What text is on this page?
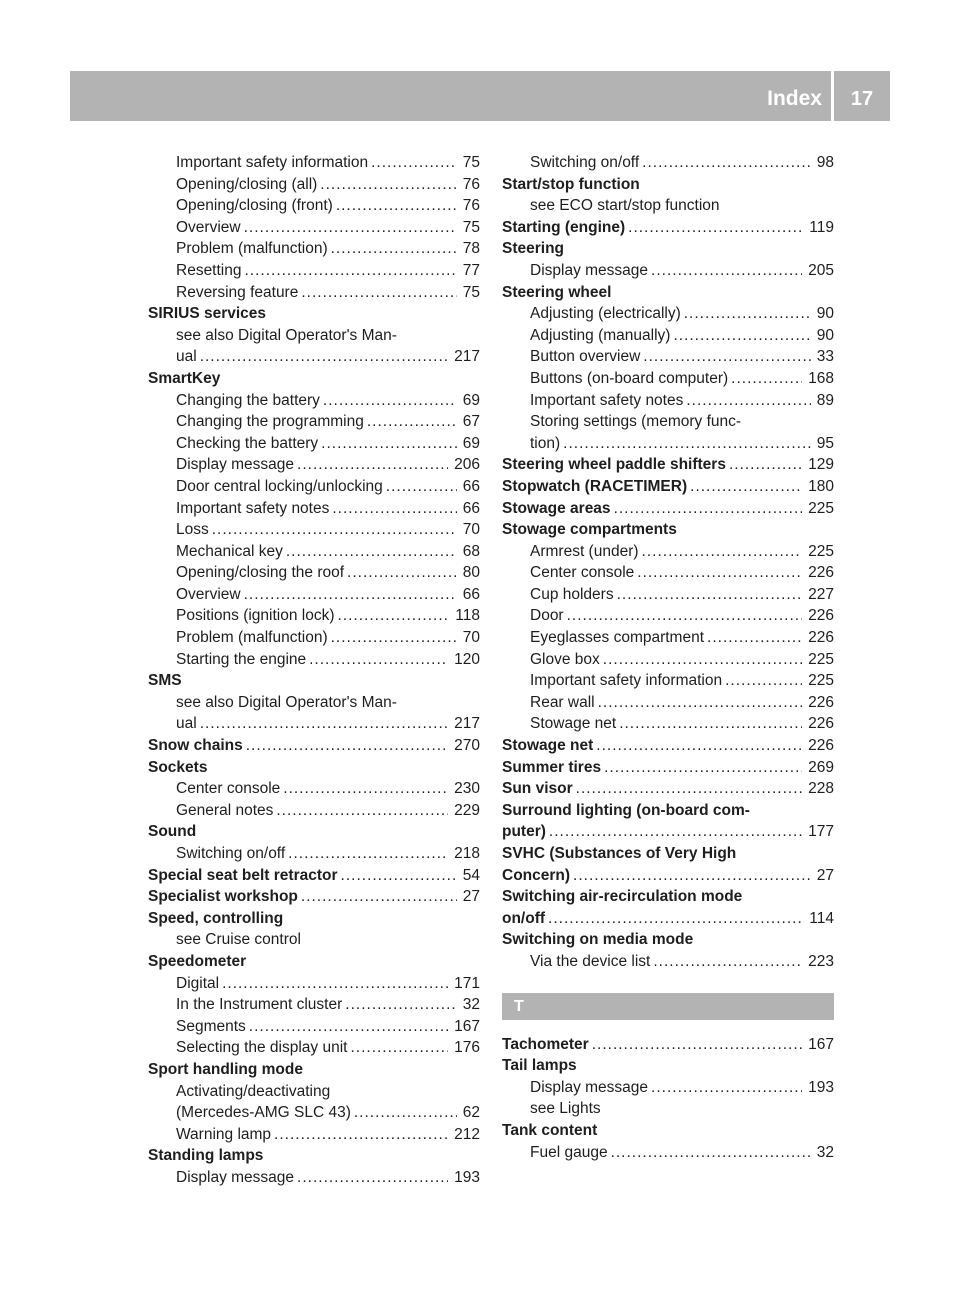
Index	17
Important safety information .....	75
Opening/closing (all) .....	76
Opening/closing (front) .....	76
Overview .....	75
Problem (malfunction) .....	78
Resetting .....	77
Reversing feature .....	75
SIRIUS services
see also Digital Operator's Man-
ual .....	217
SmartKey
Changing the battery .....	69
Changing the programming .....	67
Checking the battery .....	69
Display message .....	206
Door central locking/unlocking .....	66
Important safety notes .....	66
Loss .....	70
Mechanical key .....	68
Opening/closing the roof .....	80
Overview .....	66
Positions (ignition lock) .....	118
Problem (malfunction) .....	70
Starting the engine .....	120
SMS
see also Digital Operator's Man-
ual .....	217
Snow chains .....	270
Sockets
Center console .....	230
General notes .....	229
Sound
Switching on/off .....	218
Special seat belt retractor .....	54
Specialist workshop .....	27
Speed, controlling
see Cruise control
Speedometer
Digital .....	171
In the Instrument cluster .....	32
Segments .....	167
Selecting the display unit .....	176
Sport handling mode
Activating/deactivating
(Mercedes-AMG SLC 43) .....	62
Warning lamp .....	212
Standing lamps
Display message .....	193
Switching on/off .....	98
Start/stop function
see ECO start/stop function
Starting (engine) .....	119
Steering
Display message .....	205
Steering wheel
Adjusting (electrically) .....	90
Adjusting (manually) .....	90
Button overview .....	33
Buttons (on-board computer) .....	168
Important safety notes .....	89
Storing settings (memory func-
tion) .....	95
Steering wheel paddle shifters .....	129
Stopwatch (RACETIMER) .....	180
Stowage areas .....	225
Stowage compartments
Armrest (under) .....	225
Center console .....	226
Cup holders .....	227
Door .....	226
Eyeglasses compartment .....	226
Glove box .....	225
Important safety information .....	225
Rear wall .....	226
Stowage net .....	226
Stowage net .....	226
Summer tires .....	269
Sun visor .....	228
Surround lighting (on-board com-
puter) .....	177
SVHC (Substances of Very High
Concern) .....	27
Switching air-recirculation mode
on/off .....	114
Switching on media mode
Via the device list .....	223
T
Tachometer .....	167
Tail lamps
Display message .....	193
see Lights
Tank content
Fuel gauge .....	32
